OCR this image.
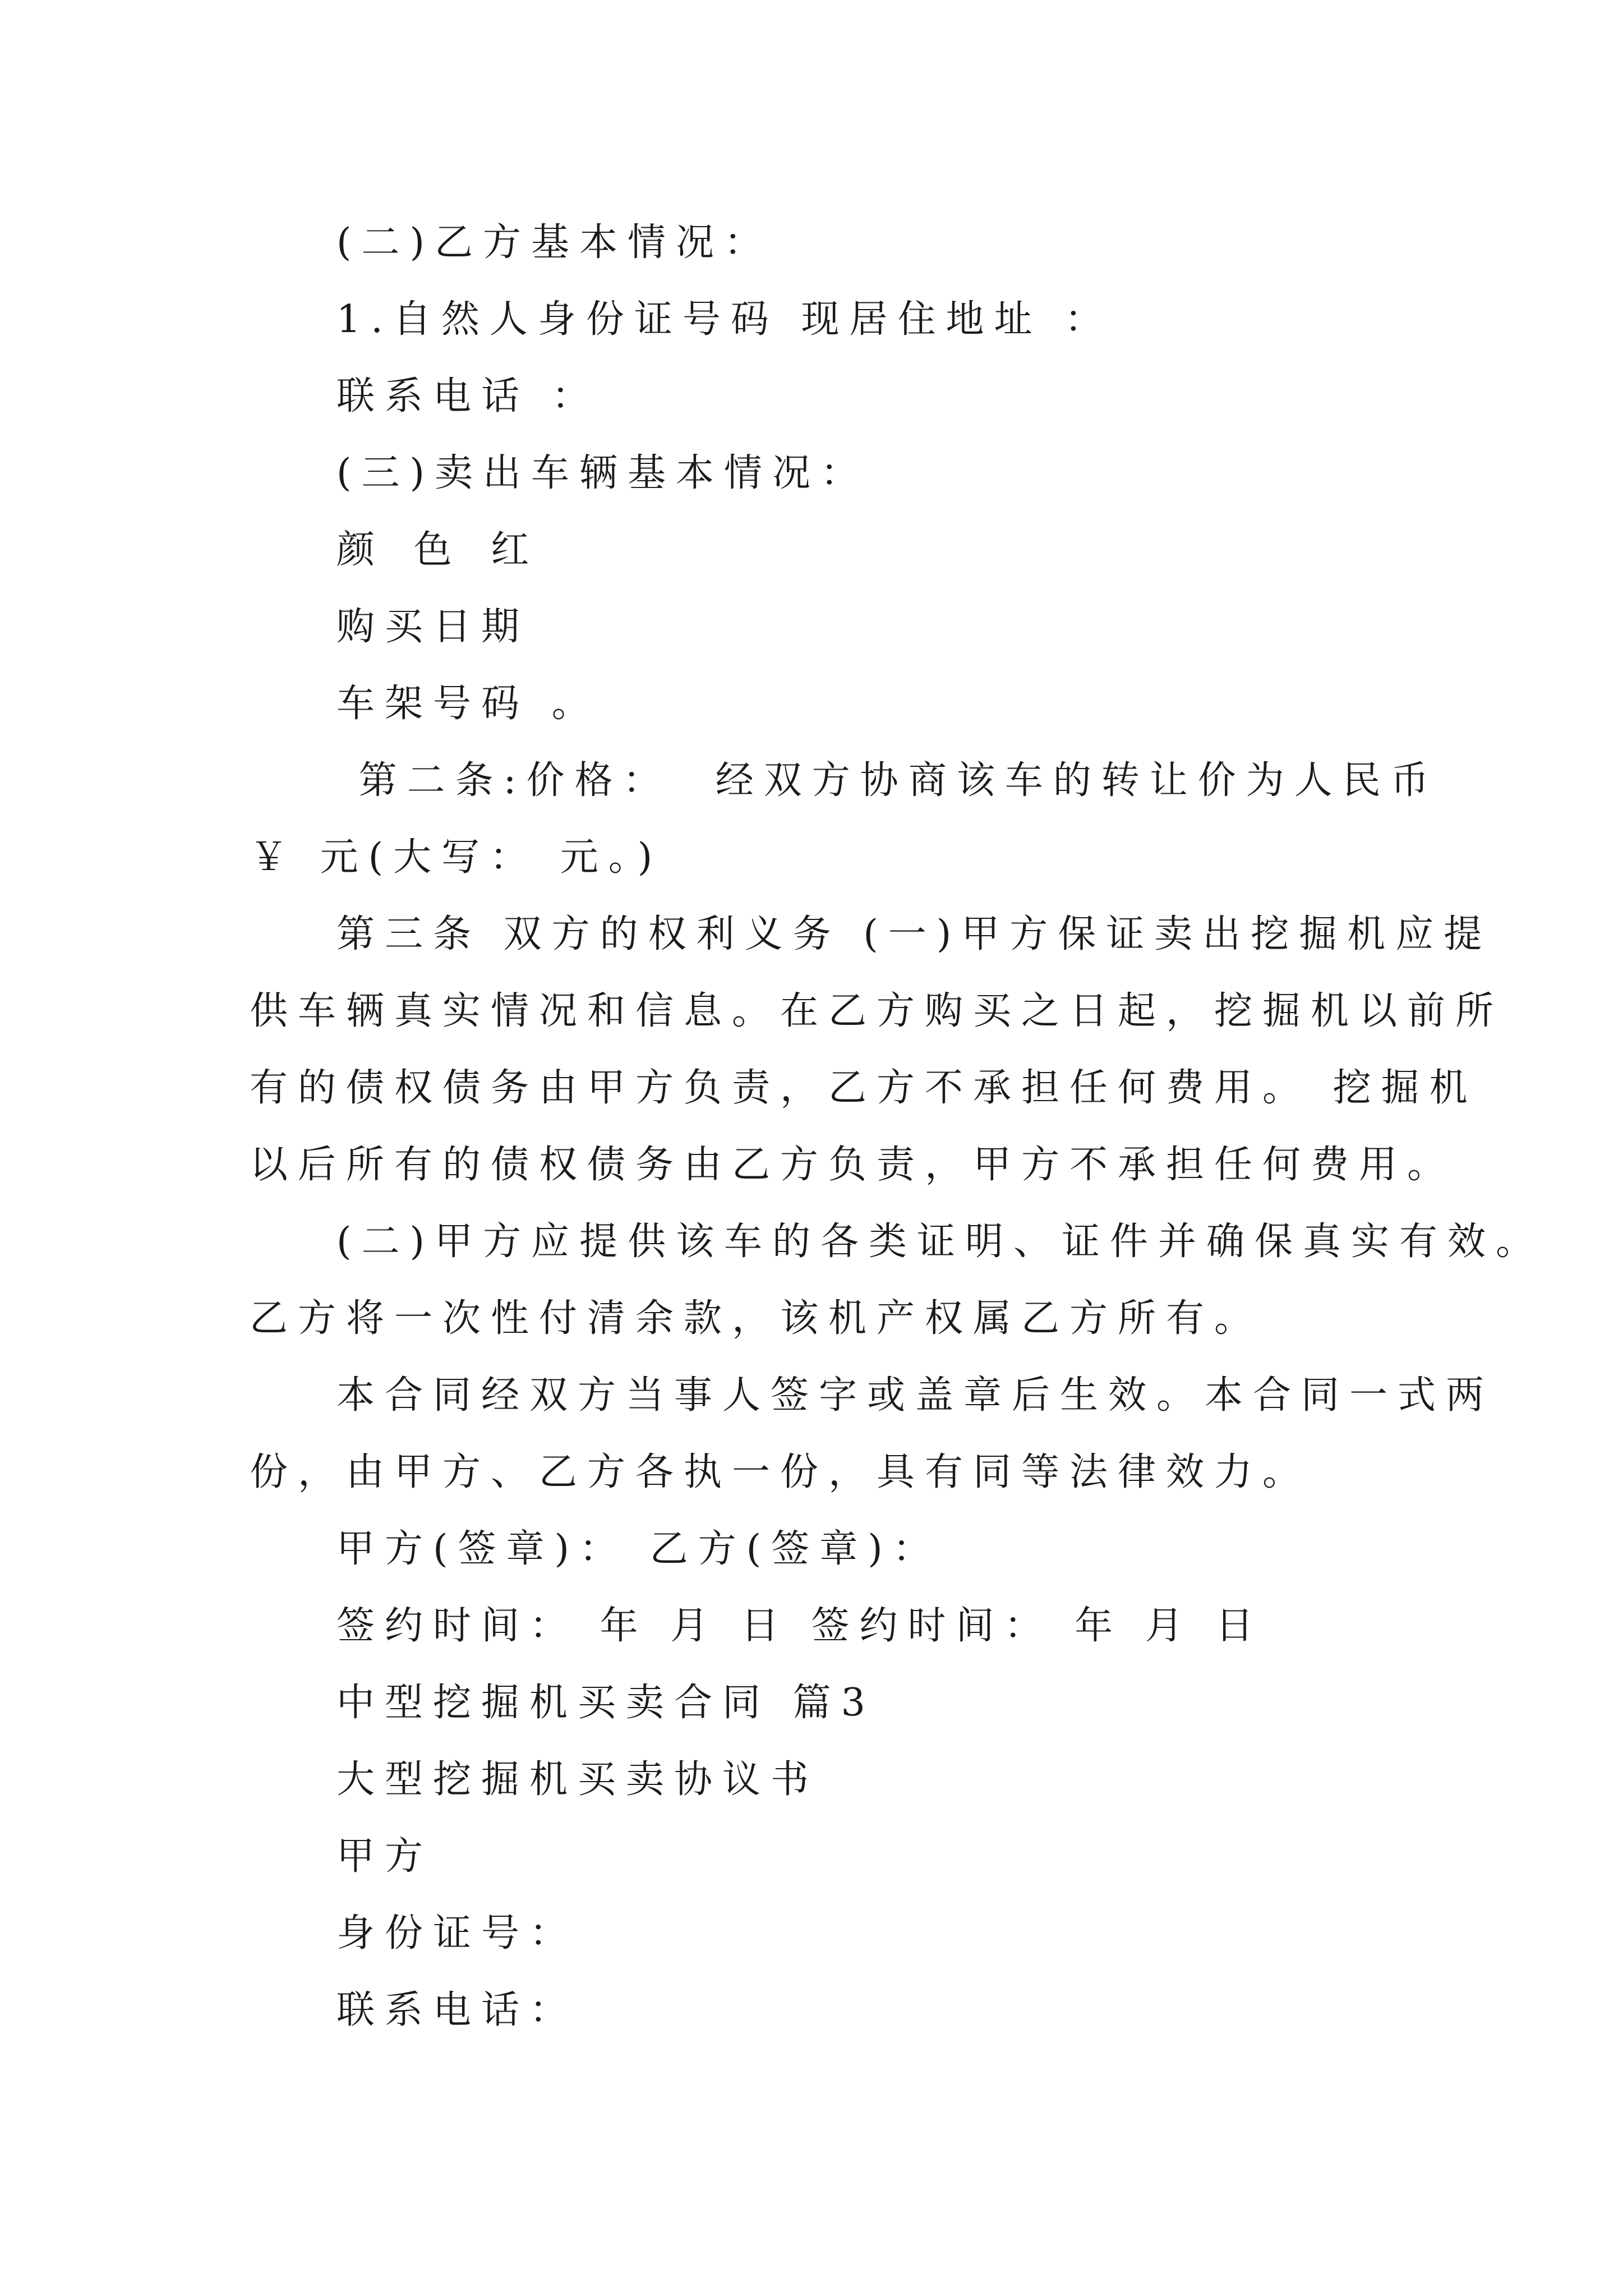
(二)乙方基本情况：

1.自然人身份证号码 现居住地址 ：

联系电话 ：

(三)卖出车辆基本情况：

颜 色 红

购买日期

车架号码 。

第二条:价格：  经双方协商该车的转让价为人民币

￥ 元(大写： 元。)

第三条 双方的权利义务 (一)甲方保证卖出挖掘机应提

供车辆真实情况和信息。在乙方购买之日起，挖掘机以前所

有的债权债务由甲方负责，乙方不承担任何费用。 挖掘机

以后所有的债权债务由乙方负责，甲方不承担任何费用。

(二)甲方应提供该车的各类证明、证件并确保真实有效。

乙方将一次性付清余款，该机产权属乙方所有。

本合同经双方当事人签字或盖章后生效。本合同一式两

份，由甲方、乙方各执一份，具有同等法律效力。

甲方(签章)： 乙方(签章)：

签约时间： 年 月 日 签约时间： 年 月 日

中型挖掘机买卖合同 篇3

大型挖掘机买卖协议书

甲方

身份证号：

联系电话：
